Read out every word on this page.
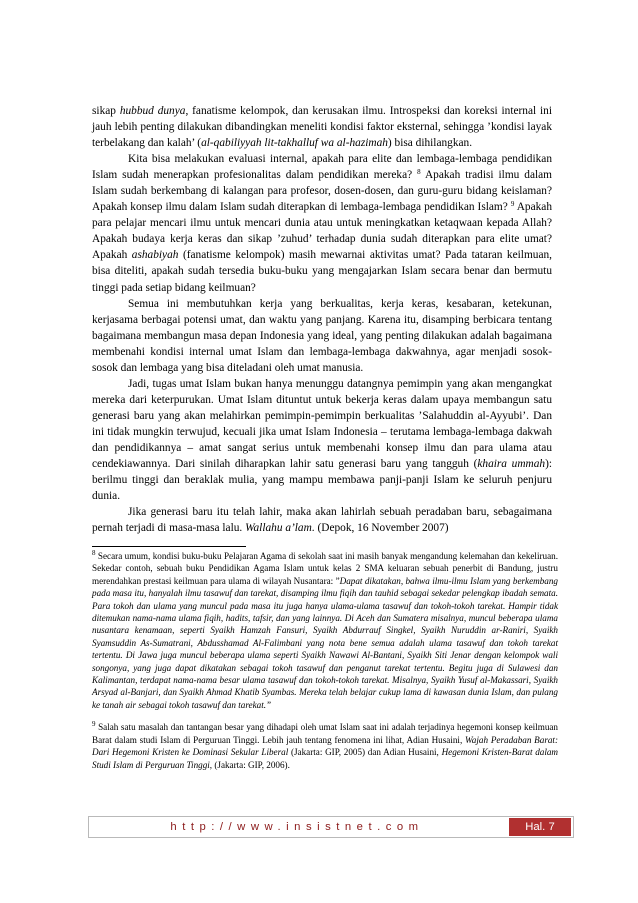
sikap hubbud dunya, fanatisme kelompok, dan kerusakan ilmu. Introspeksi dan koreksi internal ini jauh lebih penting dilakukan dibandingkan meneliti kondisi faktor eksternal, sehingga ’kondisi layak terbelakang dan kalah’ (al-qabiliyyah lit-takhalluf wa al-hazimah) bisa dihilangkan.

Kita bisa melakukan evaluasi internal, apakah para elite dan lembaga-lembaga pendidikan Islam sudah menerapkan profesionalitas dalam pendidikan mereka? $^8$ Apakah tradisi ilmu dalam Islam sudah berkembang di kalangan para profesor, dosen-dosen, dan guru-guru bidang keislaman? Apakah konsep ilmu dalam Islam sudah diterapkan di lembaga-lembaga pendidikan Islam? $^9$ Apakah para pelajar mencari ilmu untuk mencari dunia atau untuk meningkatkan ketaqwaan kepada Allah? Apakah budaya kerja keras dan sikap ’zuhud’ terhadap dunia sudah diterapkan para elite umat? Apakah ashabiyah (fanatisme kelompok) masih mewarnai aktivitas umat? Pada tataran keilmuan, bisa diteliti, apakah sudah tersedia buku-buku yang mengajarkan Islam secara benar dan bermutu tinggi pada setiap bidang keilmuan?

Semua ini membutuhkan kerja yang berkualitas, kerja keras, kesabaran, ketekunan, kerjasama berbagai potensi umat, dan waktu yang panjang. Karena itu, disamping berbicara tentang bagaimana membangun masa depan Indonesia yang ideal, yang penting dilakukan adalah bagaimana membenahi kondisi internal umat Islam dan lembaga-lembaga dakwahnya, agar menjadi sosok-sosok dan lembaga yang bisa diteladani oleh umat manusia.

Jadi, tugas umat Islam bukan hanya menunggu datangnya pemimpin yang akan mengangkat mereka dari keterpurukan. Umat Islam dituntut untuk bekerja keras dalam upaya membangun satu generasi baru yang akan melahirkan pemimpin-pemimpin berkualitas ’Salahuddin al-Ayyubi’. Dan ini tidak mungkin terwujud, kecuali jika umat Islam Indonesia – terutama lembaga-lembaga dakwah dan pendidikannya – amat sangat serius untuk membenahi konsep ilmu dan para ulama atau cendekiawannya. Dari sinilah diharapkan lahir satu generasi baru yang tangguh (khaira ummah): berilmu tinggi dan beraklak mulia, yang mampu membawa panji-panji Islam ke seluruh penjuru dunia.

Jika generasi baru itu telah lahir, maka akan lahirlah sebuah peradaban baru, sebagaimana pernah terjadi di masa-masa lalu. Wallahu a’lam. (Depok, 16 November 2007)

$^8$ Secara umum, kondisi buku-buku Pelajaran Agama di sekolah saat ini masih banyak mengandung kelemahan dan kekeliruan. Sekedar contoh, sebuah buku Pendidikan Agama Islam untuk kelas 2 SMA keluaran sebuah penerbit di Bandung, justru merendahkan prestasi keilmuan para ulama di wilayah Nusantara: ”Dapat dikatakan, bahwa ilmu-ilmu Islam yang berkembang pada masa itu, hanyalah ilmu tasawuf dan tarekat, disamping ilmu fiqih dan tauhid sebagai sekedar pelengkap ibadah semata. Para tokoh dan ulama yang muncul pada masa itu juga hanya ulama-ulama tasawuf dan tokoh-tokoh tarekat. Hampir tidak ditemukan nama-nama ulama fiqih, hadits, tafsir, dan yang lainnya. Di Aceh dan Sumatera misalnya, muncul beberapa ulama nusantara kenamaan, seperti Syaikh Hamzah Fansuri, Syaikh Abdurrauf Singkel, Syaikh Nuruddin ar-Raniri, Syaikh Syamsuddin As-Sumatrani, Abdusshamad Al-Falimbani yang nota bene semua adalah ulama tasawuf dan tokoh tarekat tertentu. Di Jawa juga muncul beberapa ulama seperti Syaikh Nawawi Al-Bantani, Syaikh Siti Jenar dengan kelompok wali songonya, yang juga dapat dikatakan sebagai tokoh tasawuf dan penganut tarekat tertentu. Begitu juga di Sulawesi dan Kalimantan, terdapat nama-nama besar ulama tasawuf dan tokoh-tokoh tarekat. Misalnya, Syaikh Yusuf al-Makassari, Syaikh Arsyad al-Banjari, dan Syaikh Ahmad Khatib Syambas. Mereka telah belajar cukup lama di kawasan dunia Islam, dan pulang ke tanah air sebagai tokoh tasawuf dan tarekat.”

$^9$ Salah satu masalah dan tantangan besar yang dihadapi oleh umat Islam saat ini adalah terjadinya hegemoni konsep keilmuan Barat dalam studi Islam di Perguruan Tinggi. Lebih jauh tentang fenomena ini lihat, Adian Husaini, Wajah Peradaban Barat: Dari Hegemoni Kristen ke Dominasi Sekular Liberal (Jakarta: GIP, 2005) dan Adian Husaini, Hegemoni Kristen-Barat dalam Studi Islam di Perguruan Tinggi, (Jakarta: GIP, 2006).

http://www.insistnet.com	Hal. 7
